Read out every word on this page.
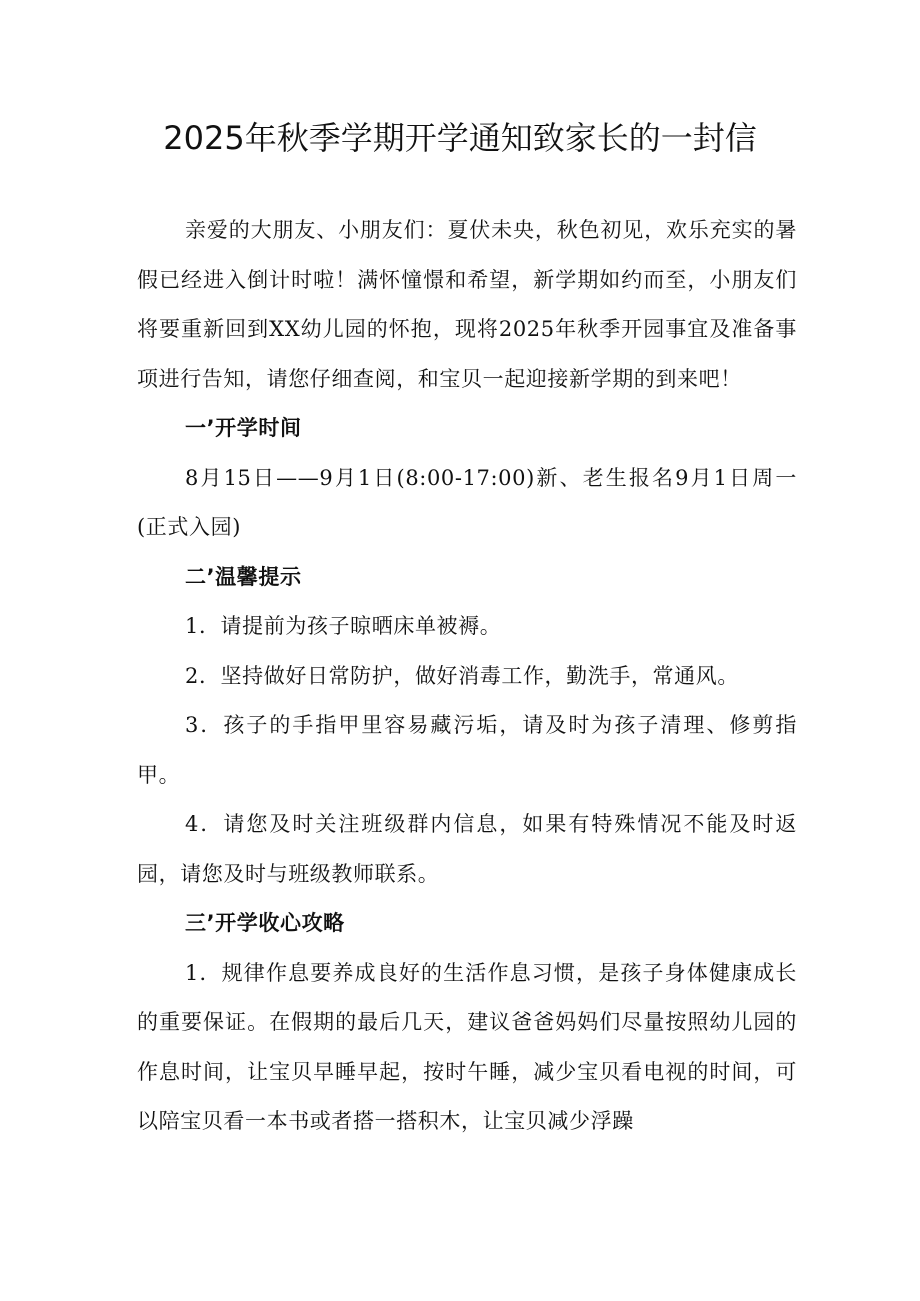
2025年秋季学期开学通知致家长的一封信

亲爱的大朋友、小朋友们：夏伏未央，秋色初见，欢乐充实的暑假已经进入倒计时啦！满怀憧憬和希望，新学期如约而至，小朋友们将要重新回到XX幼儿园的怀抱，现将2025年秋季开园事宜及准备事项进行告知，请您仔细查阅，和宝贝一起迎接新学期的到来吧！

一’开学时间

8月15日——9月1日(8:00-17:00)新、老生报名9月1日周一(正式入园)

二’温馨提示

1．请提前为孩子晾晒床单被褥。

2．坚持做好日常防护，做好消毒工作，勤洗手，常通风。

3．孩子的手指甲里容易藏污垢，请及时为孩子清理、修剪指甲。

4．请您及时关注班级群内信息，如果有特殊情况不能及时返园，请您及时与班级教师联系。

三’开学收心攻略

1．规律作息要养成良好的生活作息习惯，是孩子身体健康成长的重要保证。在假期的最后几天，建议爸爸妈妈们尽量按照幼儿园的作息时间，让宝贝早睡早起，按时午睡，减少宝贝看电视的时间，可以陪宝贝看一本书或者搭一搭积木，让宝贝减少浮躁
